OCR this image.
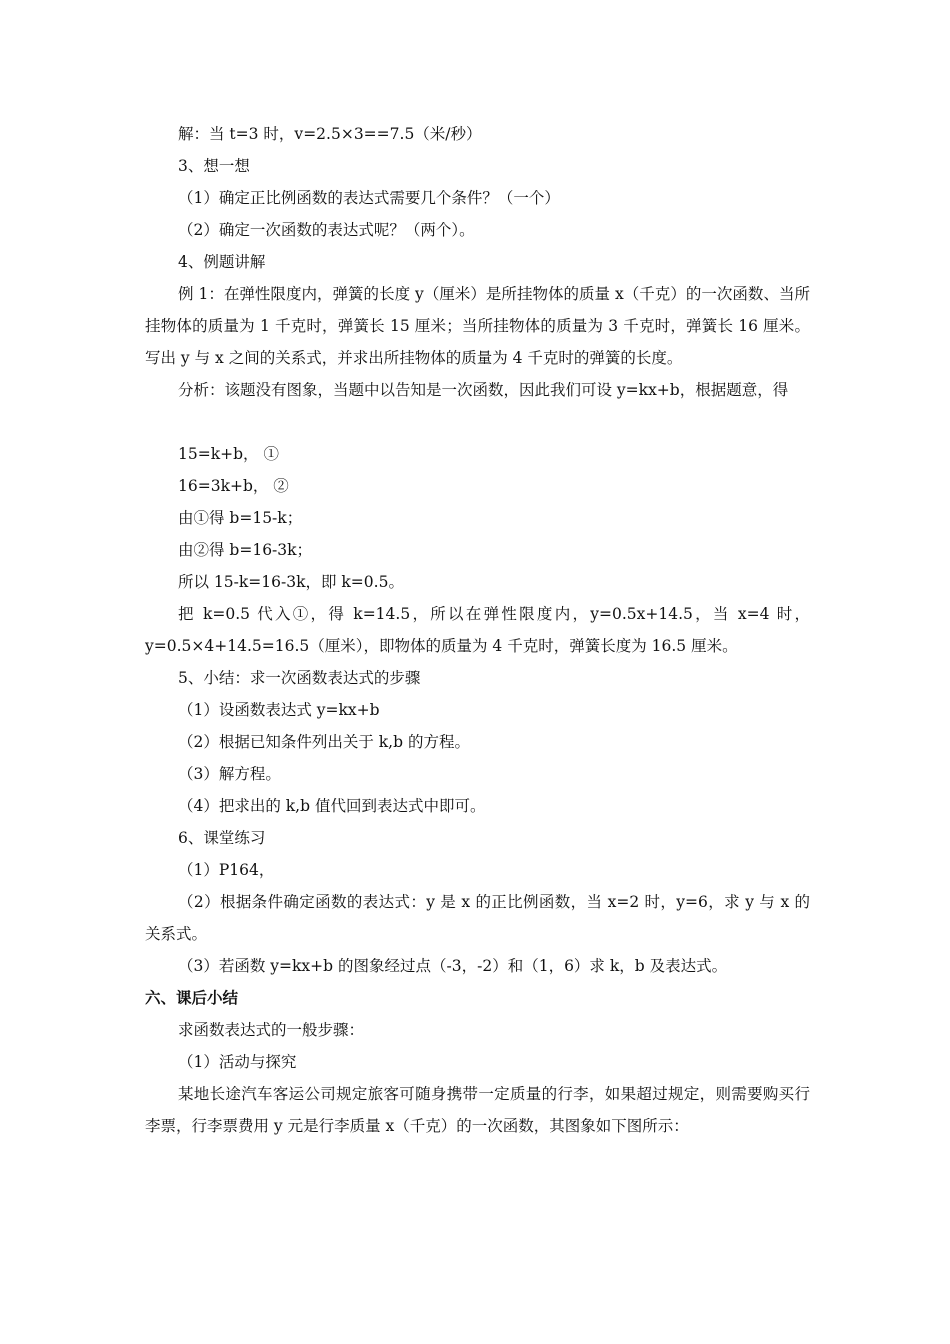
解：当 t=3 时，v=2.5×3==7.5（米/秒）

3、想一想

（1）确定正比例函数的表达式需要几个条件？（一个）

（2）确定一次函数的表达式呢？（两个）。

4、例题讲解

例 1：在弹性限度内，弹簧的长度 y（厘米）是所挂物体的质量 x（千克）的一次函数、当所挂物体的质量为 1 千克时，弹簧长 15 厘米；当所挂物体的质量为 3 千克时，弹簧长 16 厘米。写出 y 与 x 之间的关系式，并求出所挂物体的质量为 4 千克时的弹簧的长度。

分析：该题没有图象，当题中以告知是一次函数，因此我们可设 y=kx+b，根据题意，得

15=k+b， ①

16=3k+b， ②

由①得 b=15-k；

由②得 b=16-3k；

所以 15-k=16-3k，即 k=0.5。

把 k=0.5 代入①，得 k=14.5，所以在弹性限度内，y=0.5x+14.5，当 x=4 时，y=0.5×4+14.5=16.5（厘米），即物体的质量为 4 千克时，弹簧长度为 16.5 厘米。

5、小结：求一次函数表达式的步骤

（1）设函数表达式 y=kx+b

（2）根据已知条件列出关于 k,b 的方程。

（3）解方程。

（4）把求出的 k,b 值代回到表达式中即可。

6、课堂练习

（1）P164，

（2）根据条件确定函数的表达式：y 是 x 的正比例函数，当 x=2 时，y=6，求 y 与 x 的关系式。

（3）若函数 y=kx+b 的图象经过点（-3，-2）和（1，6）求 k，b 及表达式。

六、课后小结

求函数表达式的一般步骤：

（1）活动与探究

某地长途汽车客运公司规定旅客可随身携带一定质量的行李，如果超过规定，则需要购买行李票，行李票费用 y 元是行李质量 x（千克）的一次函数，其图象如下图所示：
